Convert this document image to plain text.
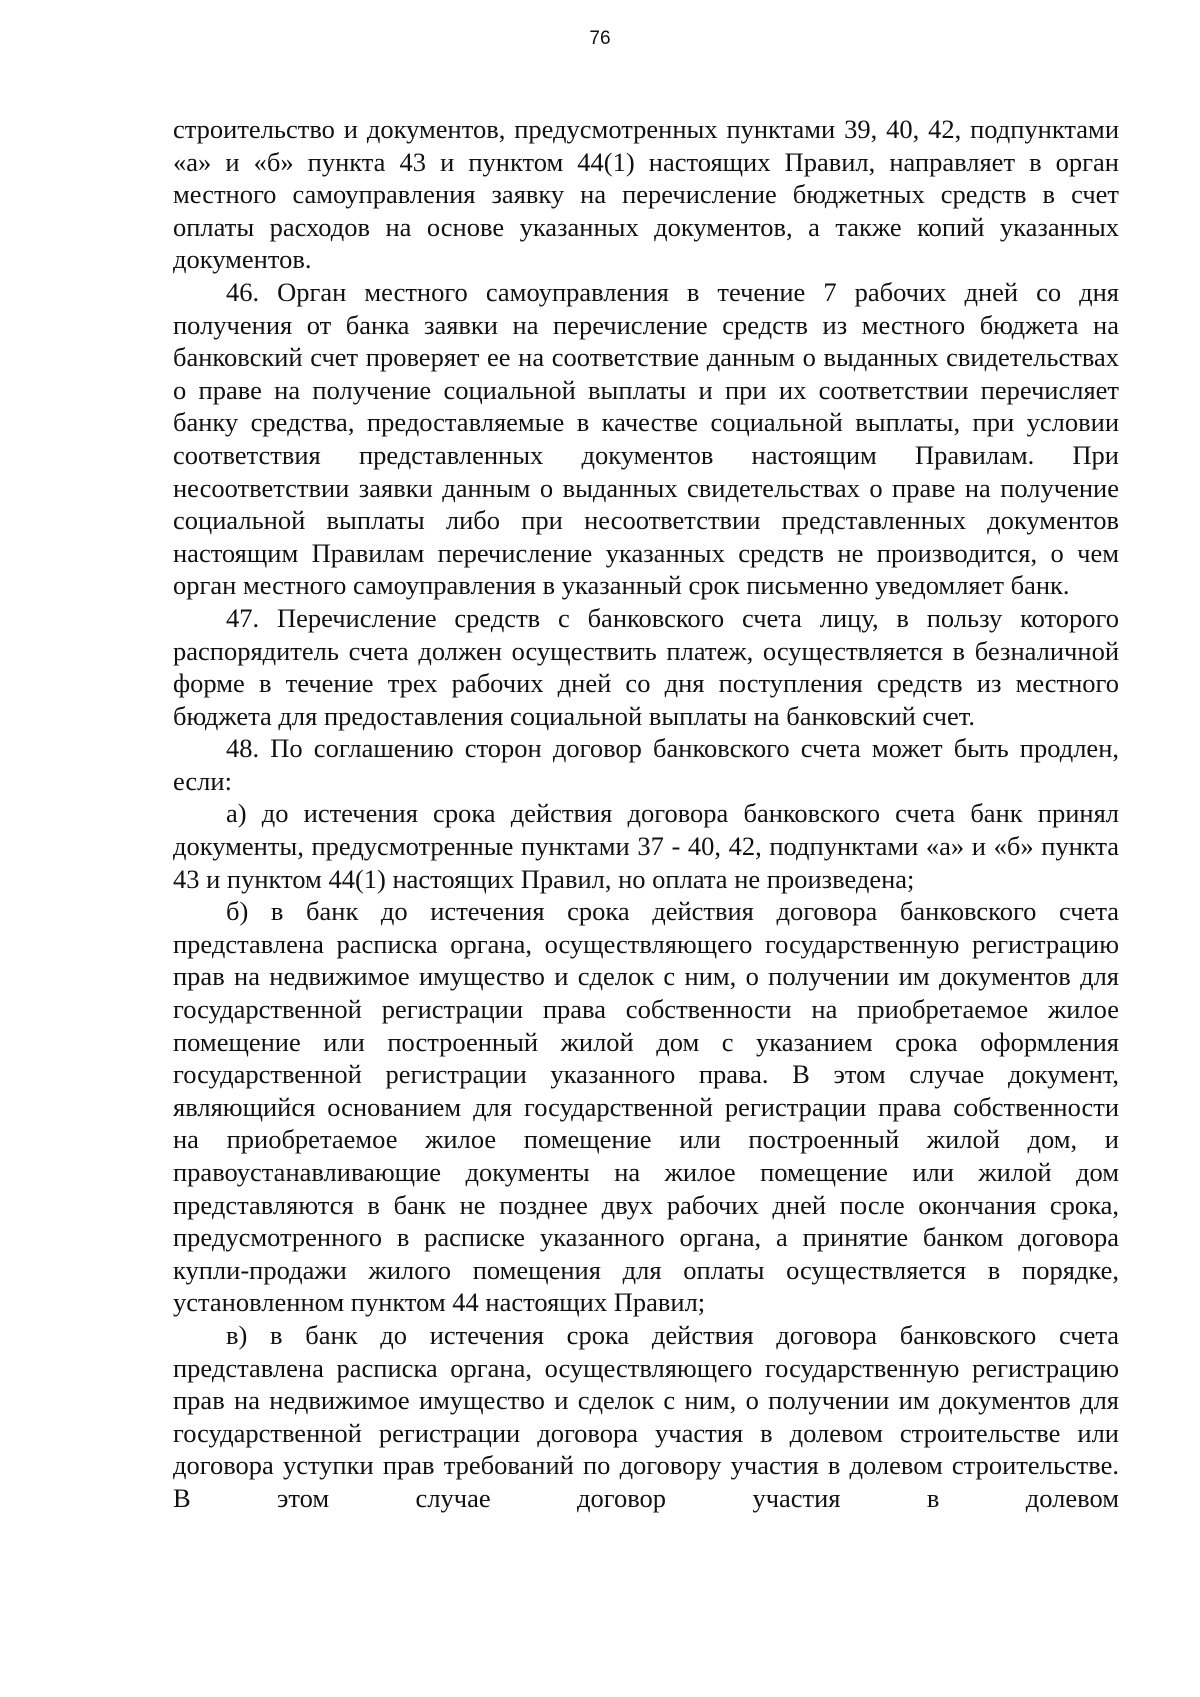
76

строительство и документов, предусмотренных пунктами 39, 40, 42, подпунктами «а» и «б» пункта 43 и пунктом 44(1) настоящих Правил, направляет в орган местного самоуправления заявку на перечисление бюджетных средств в счет оплаты расходов на основе указанных документов, а также копий указанных документов.

46. Орган местного самоуправления в течение 7 рабочих дней со дня получения от банка заявки на перечисление средств из местного бюджета на банковский счет проверяет ее на соответствие данным о выданных свидетельствах о праве на получение социальной выплаты и при их соответствии перечисляет банку средства, предоставляемые в качестве социальной выплаты, при условии соответствия представленных документов настоящим Правилам. При несоответствии заявки данным о выданных свидетельствах о праве на получение социальной выплаты либо при несоответствии представленных документов настоящим Правилам перечисление указанных средств не производится, о чем орган местного самоуправления в указанный срок письменно уведомляет банк.

47. Перечисление средств с банковского счета лицу, в пользу которого распорядитель счета должен осуществить платеж, осуществляется в безналичной форме в течение трех рабочих дней со дня поступления средств из местного бюджета для предоставления социальной выплаты на банковский счет.

48. По соглашению сторон договор банковского счета может быть продлен, если:

а) до истечения срока действия договора банковского счета банк принял документы, предусмотренные пунктами 37 - 40, 42, подпунктами «а» и «б» пункта 43 и пунктом 44(1) настоящих Правил, но оплата не произведена;

б) в банк до истечения срока действия договора банковского счета представлена расписка органа, осуществляющего государственную регистрацию прав на недвижимое имущество и сделок с ним, о получении им документов для государственной регистрации права собственности на приобретаемое жилое помещение или построенный жилой дом с указанием срока оформления государственной регистрации указанного права. В этом случае документ, являющийся основанием для государственной регистрации права собственности на приобретаемое жилое помещение или построенный жилой дом, и правоустанавливающие документы на жилое помещение или жилой дом представляются в банк не позднее двух рабочих дней после окончания срока, предусмотренного в расписке указанного органа, а принятие банком договора купли-продажи жилого помещения для оплаты осуществляется в порядке, установленном пунктом 44 настоящих Правил;

в) в банк до истечения срока действия договора банковского счета представлена расписка органа, осуществляющего государственную регистрацию прав на недвижимое имущество и сделок с ним, о получении им документов для государственной регистрации договора участия в долевом строительстве или договора уступки прав требований по договору участия в долевом строительстве. В этом случае договор участия в долевом
